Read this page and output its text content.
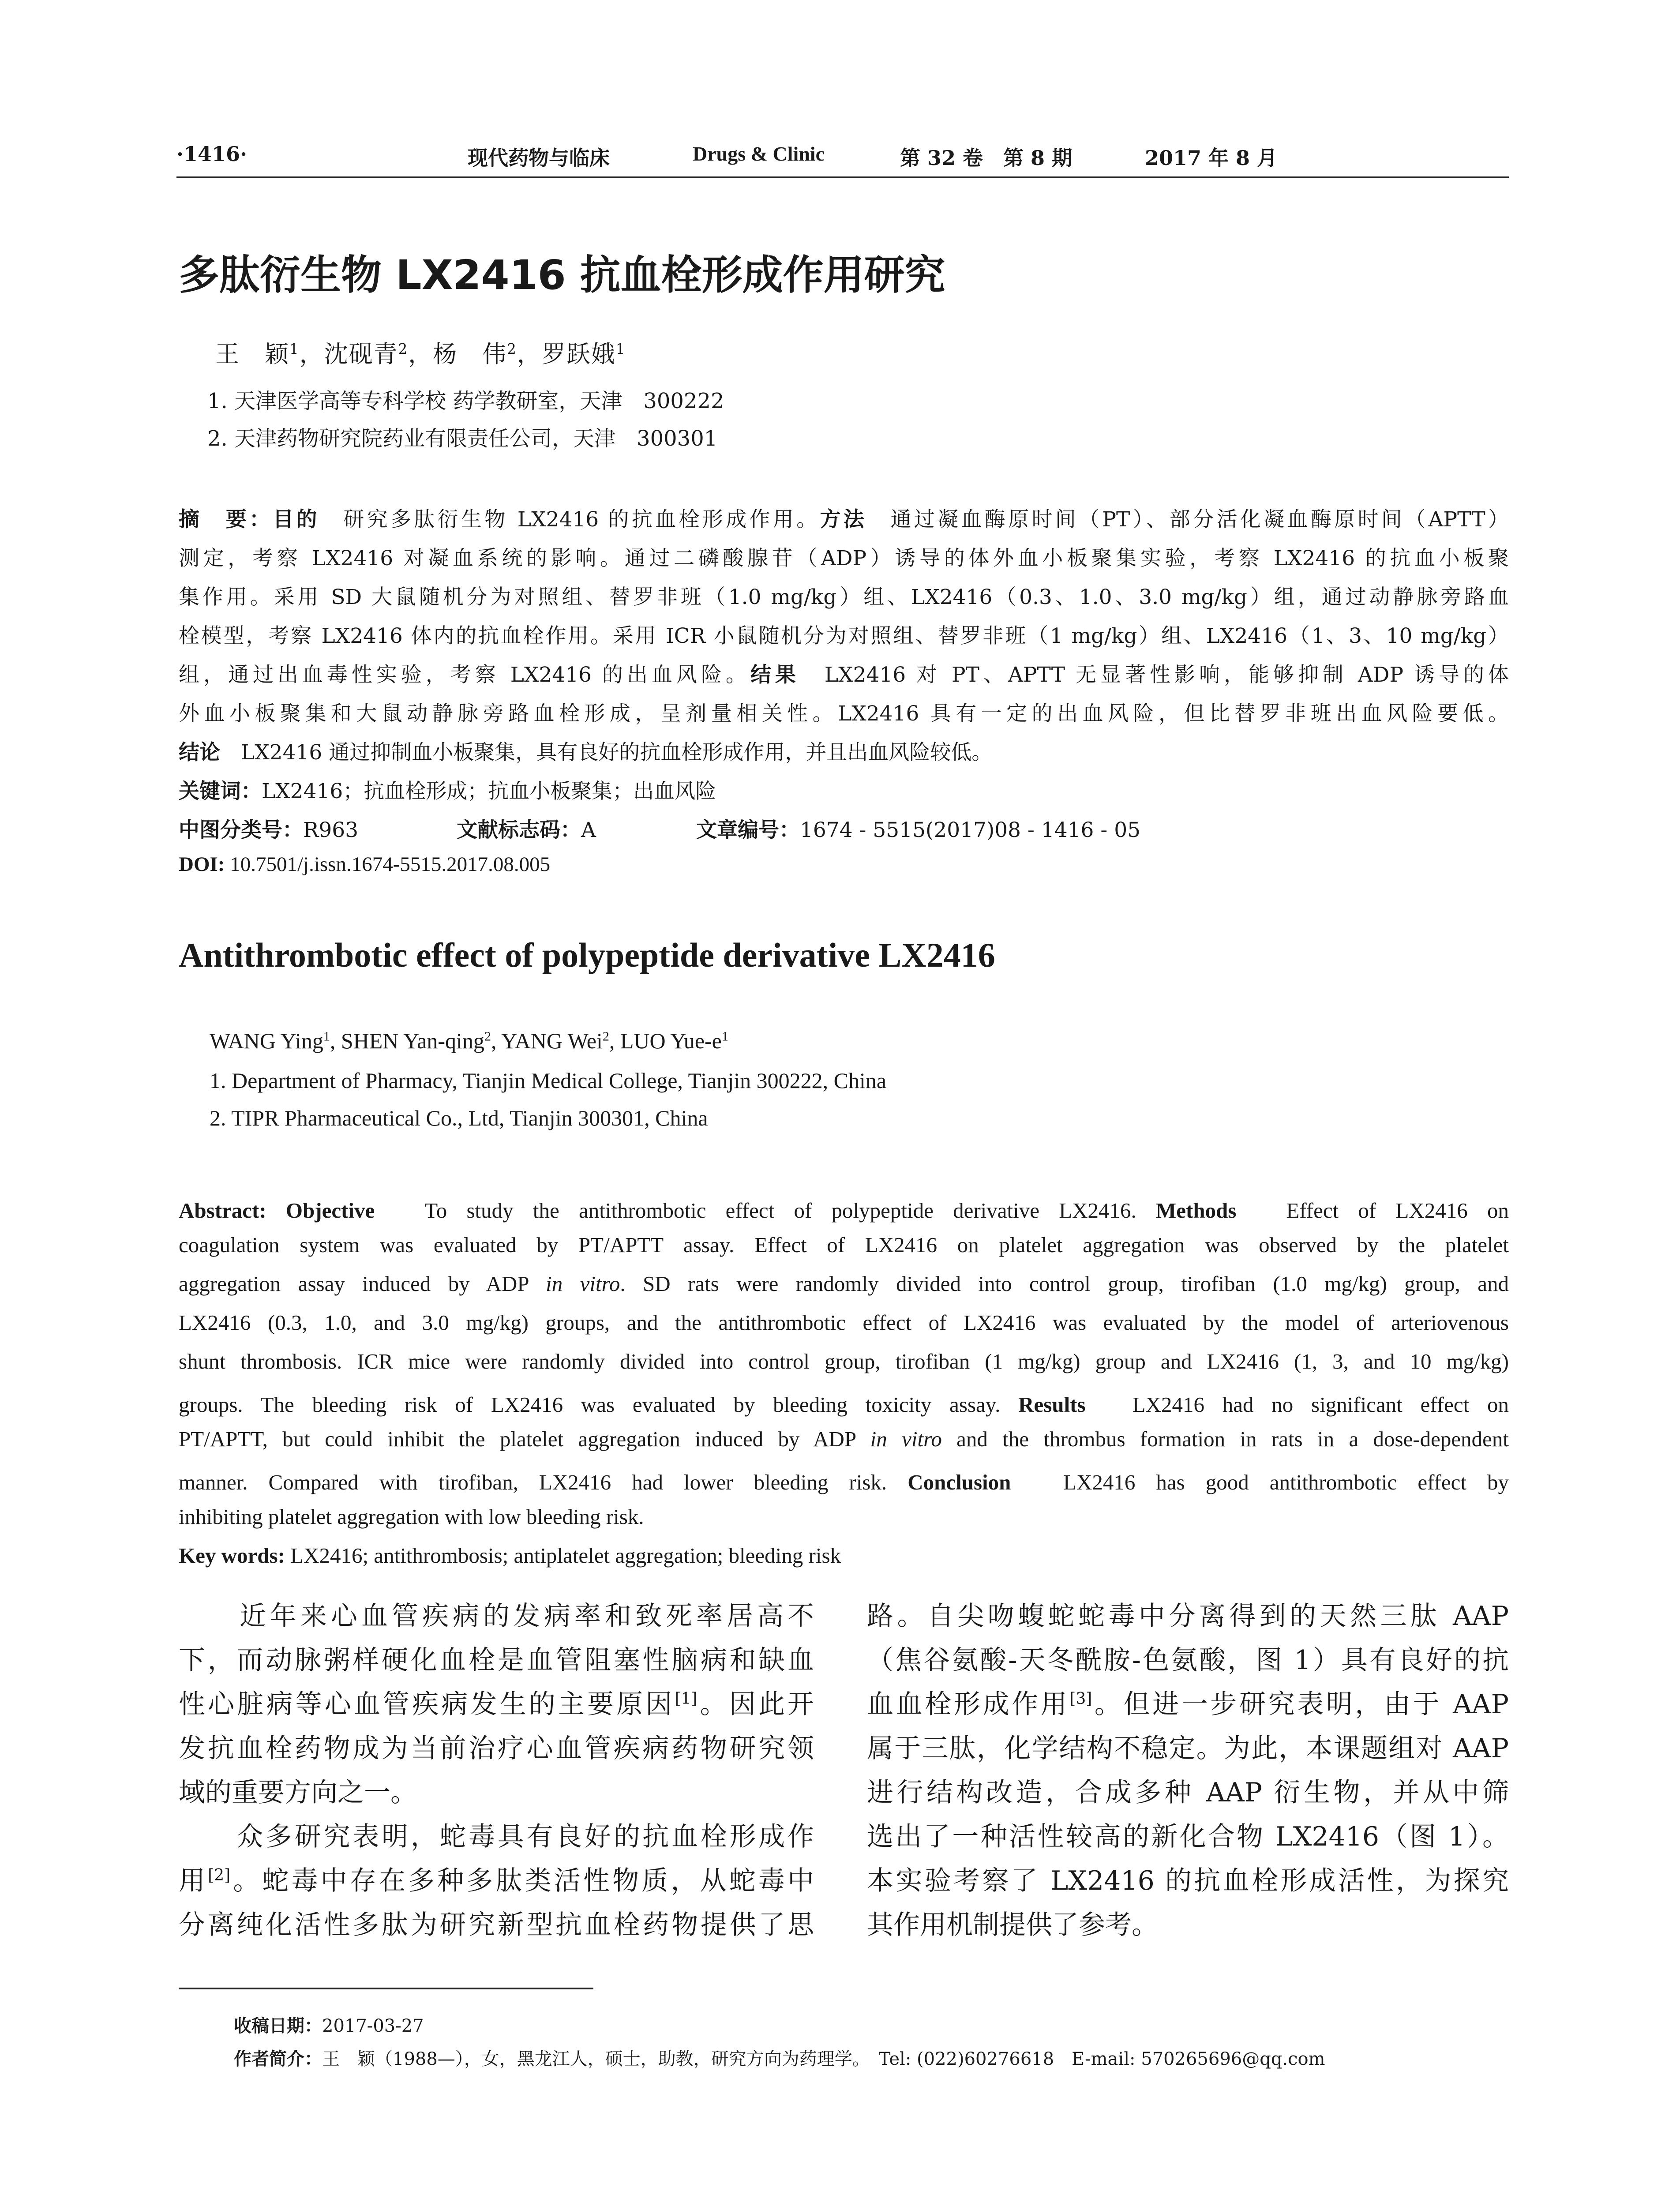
·1416·	现代药物与临床	Drugs & Clinic	第 32 卷　第 8 期	2017 年 8 月
多肽衍生物 LX2416 抗血栓形成作用研究
王　颖$^1$，沈砚青$^2$，杨　伟$^2$，罗跃娥$^1$
1. 天津医学高等专科学校 药学教研室，天津　300222
2. 天津药物研究院药业有限责任公司，天津　300301
摘　要：目的　研究多肽衍生物 LX2416 的抗血栓形成作用。方法　通过凝血酶原时间（PT）、部分活化凝血酶原时间（APTT）
测定，考察 LX2416 对凝血系统的影响。通过二磷酸腺苷（ADP）诱导的体外血小板聚集实验，考察 LX2416 的抗血小板聚
集作用。采用 SD 大鼠随机分为对照组、替罗非班（1.0 mg/kg）组、LX2416（0.3、1.0、3.0 mg/kg）组，通过动静脉旁路血
栓模型，考察 LX2416 体内的抗血栓作用。采用 ICR 小鼠随机分为对照组、替罗非班（1 mg/kg）组、LX2416（1、3、10 mg/kg）
组，通过出血毒性实验，考察 LX2416 的出血风险。结果　LX2416 对 PT、APTT 无显著性影响，能够抑制 ADP 诱导的体
外血小板聚集和大鼠动静脉旁路血栓形成，呈剂量相关性。LX2416 具有一定的出血风险，但比替罗非班出血风险要低。
结论　LX2416 通过抑制血小板聚集，具有良好的抗血栓形成作用，并且出血风险较低。
关键词：LX2416；抗血栓形成；抗血小板聚集；出血风险
中图分类号：R963	文献标志码：A	文章编号：1674 - 5515(2017)08 - 1416 - 05
DOI: 10.7501/j.issn.1674-5515.2017.08.005
Antithrombotic effect of polypeptide derivative LX2416
WANG Ying$^1$, SHEN Yan-qing$^2$, YANG Wei$^2$, LUO Yue-$e^1$
1. Department of Pharmacy, Tianjin Medical College, Tianjin 300222, China
2. TIPR Pharmaceutical Co., Ltd, Tianjin 300301, China
Abstract: Objective　To study the antithrombotic effect of polypeptide derivative LX2416. Methods　Effect of LX2416 on
coagulation system was evaluated by PT/APTT assay. Effect of LX2416 on platelet aggregation was observed by the platelet
aggregation assay induced by ADP in vitro. SD rats were randomly divided into control group, tirofiban (1.0 mg/kg) group, and
LX2416 (0.3, 1.0, and 3.0 mg/kg) groups, and the antithrombotic effect of LX2416 was evaluated by the model of arteriovenous
shunt thrombosis. ICR mice were randomly divided into control group, tirofiban (1 mg/kg) group and LX2416 (1, 3, and 10 mg/kg)
groups. The bleeding risk of LX2416 was evaluated by bleeding toxicity assay. Results　LX2416 had no significant effect on
PT/APTT, but could inhibit the platelet aggregation induced by ADP in vitro and the thrombus formation in rats in a dose-dependent
manner. Compared with tirofiban, LX2416 had lower bleeding risk. Conclusion　LX2416 has good antithrombotic effect by
inhibiting platelet aggregation with low bleeding risk.
Key words: LX2416; antithrombosis; antiplatelet aggregation; bleeding risk
　　近年来心血管疾病的发病率和致死率居高不
下，而动脉粥样硬化血栓是血管阻塞性脑病和缺血
性心脏病等心血管疾病发生的主要原因[1]。因此开
发抗血栓药物成为当前治疗心血管疾病药物研究领
域的重要方向之一。
　　众多研究表明，蛇毒具有良好的抗血栓形成作
用[2]。蛇毒中存在多种多肽类活性物质，从蛇毒中
分离纯化活性多肽为研究新型抗血栓药物提供了思
路。自尖吻蝮蛇蛇毒中分离得到的天然三肽 AAP
（焦谷氨酸-天冬酰胺-色氨酸，图 1）具有良好的抗
血血栓形成作用[3]。但进一步研究表明，由于 AAP
属于三肽，化学结构不稳定。为此，本课题组对 AAP
进行结构改造，合成多种 AAP 衍生物，并从中筛
选出了一种活性较高的新化合物 LX2416（图 1）。
本实验考察了 LX2416 的抗血栓形成活性，为探究
其作用机制提供了参考。
收稿日期：2017-03-27
作者简介：王　颖（1988—），女，黑龙江人，硕士，助教，研究方向为药理学。　Tel: (022)60276618　E-mail: 570265696@qq.com
